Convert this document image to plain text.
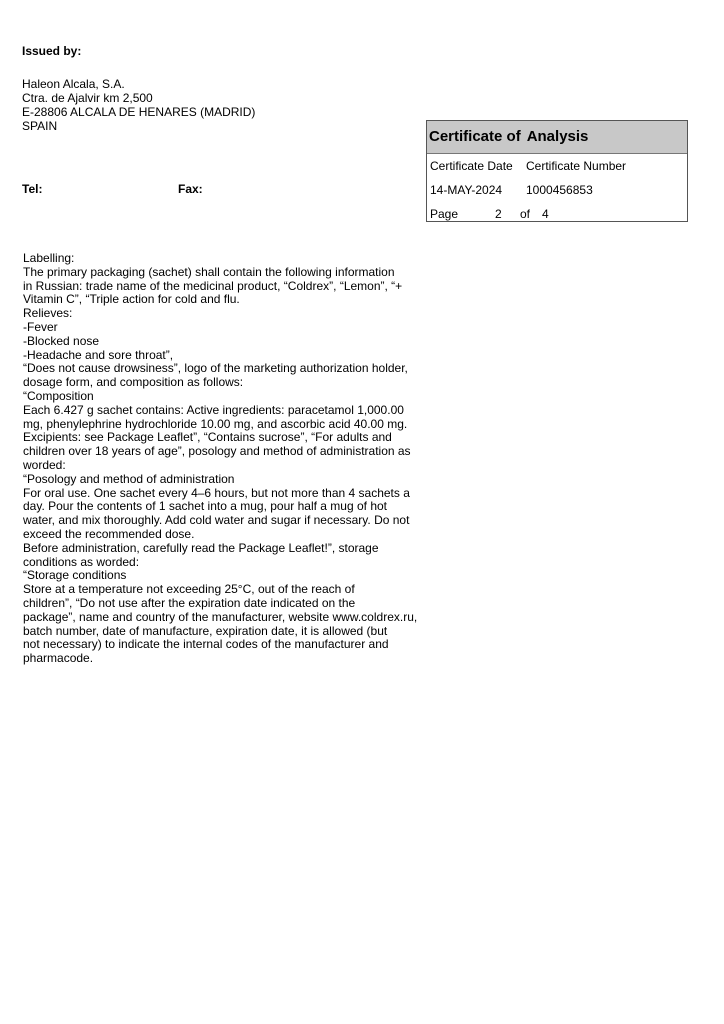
Issued by:
Haleon Alcala, S.A.
Ctra. de Ajalvir km 2,500
E-28806 ALCALA DE HENARES (MADRID)
SPAIN
Tel:	Fax:
Certificate of Analysis
Certificate Date Certificate Number
14-MAY-2024 1000456853
Page	2 of 4
Labelling:
The primary packaging (sachet) shall contain the following information
in Russian: trade name of the medicinal product, “Coldrex”, “Lemon”, “+
Vitamin C”, “Triple action for cold and flu.
Relieves:
-Fever
-Blocked nose
-Headache and sore throat”,
“Does not cause drowsiness”, logo of the marketing authorization holder,
dosage form, and composition as follows:
“Composition
Each 6.427 g sachet contains: Active ingredients: paracetamol 1,000.00
mg, phenylephrine hydrochloride 10.00 mg, and ascorbic acid 40.00 mg.
Excipients: see Package Leaflet”, “Contains sucrose”, “For adults and
children over 18 years of age”, posology and method of administration as
worded:
“Posology and method of administration
For oral use. One sachet every 4–6 hours, but not more than 4 sachets a
day. Pour the contents of 1 sachet into a mug, pour half a mug of hot
water, and mix thoroughly. Add cold water and sugar if necessary. Do not
exceed the recommended dose.
Before administration, carefully read the Package Leaflet!”, storage
conditions as worded:
“Storage conditions
Store at a temperature not exceeding 25°C, out of the reach of
children”, “Do not use after the expiration date indicated on the
package”, name and country of the manufacturer, website www.coldrex.ru,
batch number, date of manufacture, expiration date, it is allowed (but
not necessary) to indicate the internal codes of the manufacturer and
pharmacode.
